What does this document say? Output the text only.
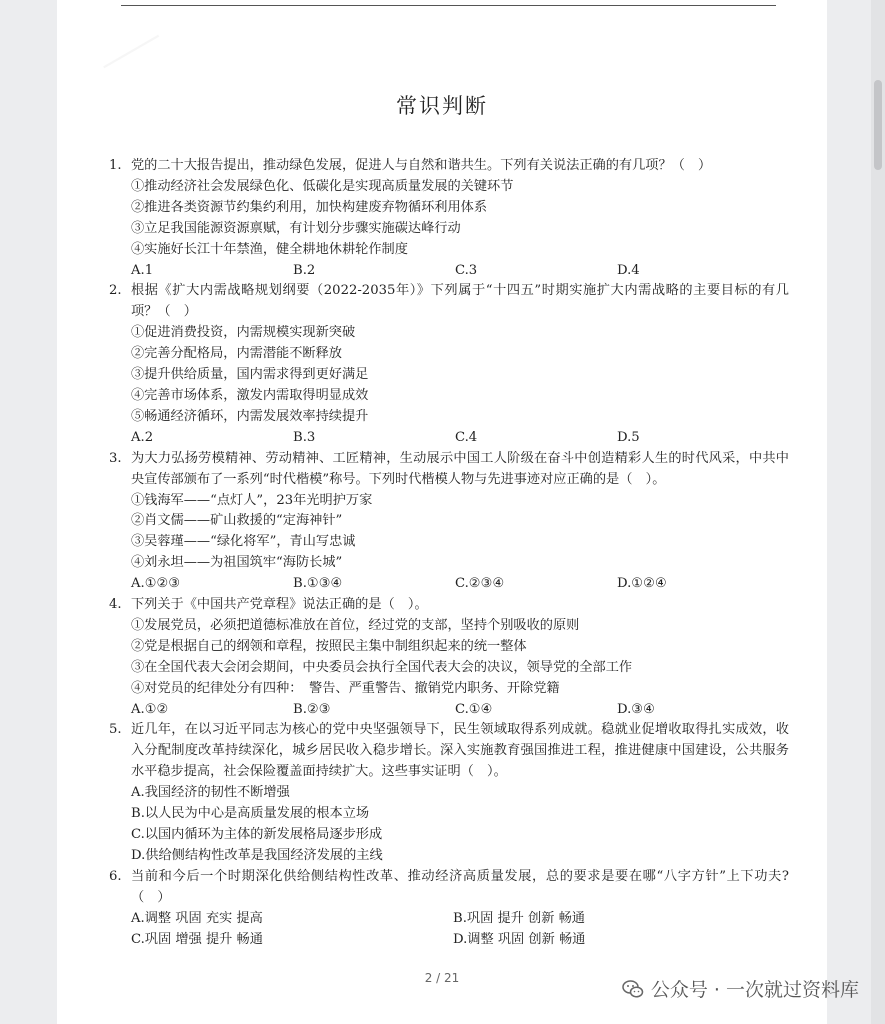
常识判断
1. 党的二十大报告提出，推动绿色发展，促进人与自然和谐共生。下列有关说法正确的有几项？（　）
①推动经济社会发展绿色化、低碳化是实现高质量发展的关键环节
②推进各类资源节约集约利用，加快构建废弃物循环利用体系
③立足我国能源资源禀赋，有计划分步骤实施碳达峰行动
④实施好长江十年禁渔，健全耕地休耕轮作制度
A.1	B.2	C.3	D.4
2. 根据《扩大内需战略规划纲要（2022-2035年）》下列属于“十四五”时期实施扩大内需战略的主要目标的有几项？（　）
①促进消费投资，内需规模实现新突破
②完善分配格局，内需潜能不断释放
③提升供给质量，国内需求得到更好满足
④完善市场体系，激发内需取得明显成效
⑤畅通经济循环，内需发展效率持续提升
A.2	B.3	C.4	D.5
3. 为大力弘扬劳模精神、劳动精神、工匠精神，生动展示中国工人阶级在奋斗中创造精彩人生的时代风采，中共中央宣传部颁布了一系列“时代楷模”称号。下列时代楷模人物与先进事迹对应正确的是（　）。
①钱海军——“点灯人”，23年光明护万家
②肖文儒——矿山救援的“定海神针”
③吴蓉瑾——“绿化将军”，青山写忠诚
④刘永坦——为祖国筑牢“海防长城”
A.①②③	B.①③④	C.②③④	D.①②④
4. 下列关于《中国共产党章程》说法正确的是（　）。
①发展党员，必须把道德标准放在首位，经过党的支部，坚持个别吸收的原则
②党是根据自己的纲领和章程，按照民主集中制组织起来的统一整体
③在全国代表大会闭会期间，中央委员会执行全国代表大会的决议，领导党的全部工作
④对党员的纪律处分有四种：　警告、严重警告、撤销党内职务、开除党籍
A.①②	B.②③	C.①④	D.③④
5. 近几年，在以习近平同志为核心的党中央坚强领导下，民生领域取得系列成就。稳就业促增收取得扎实成效，收入分配制度改革持续深化，城乡居民收入稳步增长。深入实施教育强国推进工程，推进健康中国建设，公共服务水平稳步提高，社会保险覆盖面持续扩大。这些事实证明（　）。
A.我国经济的韧性不断增强
B.以人民为中心是高质量发展的根本立场
C.以国内循环为主体的新发展格局逐步形成
D.供给侧结构性改革是我国经济发展的主线
6. 当前和今后一个时期深化供给侧结构性改革、推动经济高质量发展，总的要求是要在哪“八字方针”上下功夫?（　）
A.调整 巩固 充实 提高	B.巩固 提升 创新 畅通
C.巩固 增强 提升 畅通	D.调整 巩固 创新 畅通
2 / 21
公众号 · 一次就过资料库
